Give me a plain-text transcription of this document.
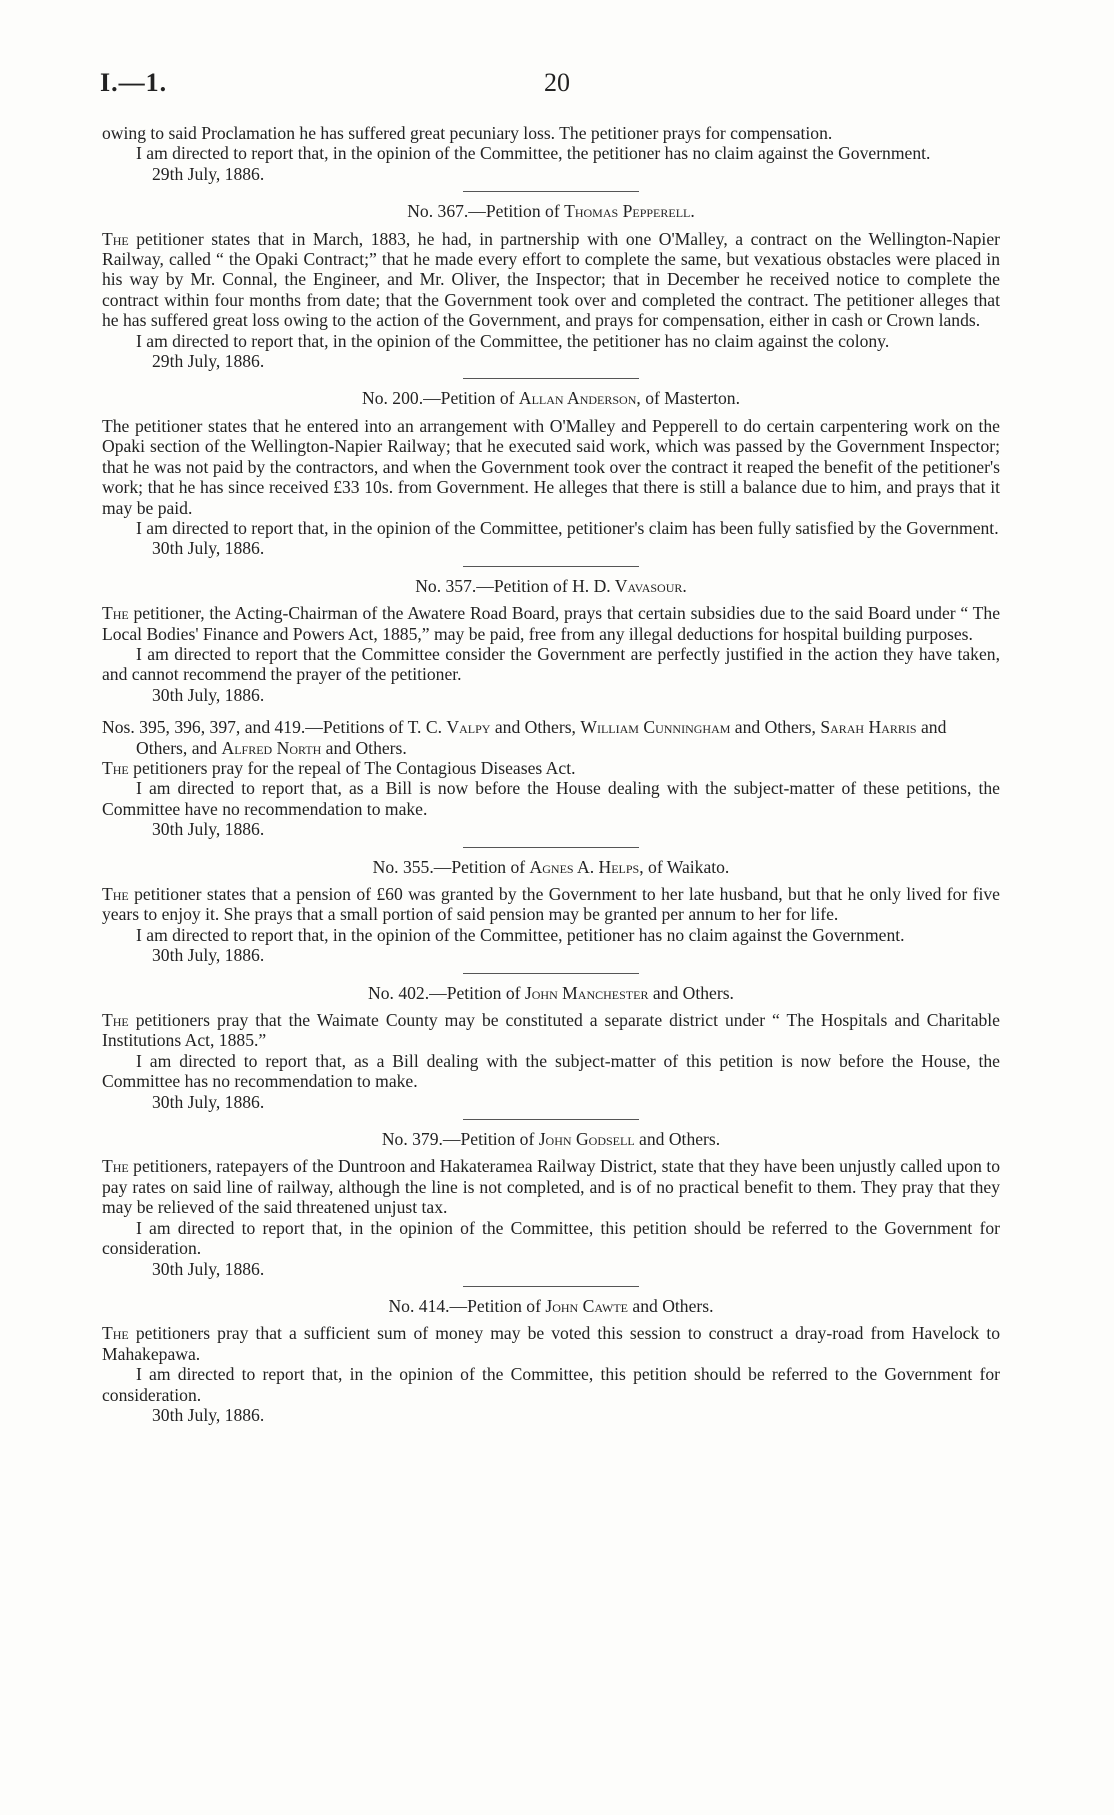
I.—1.	20

owing to said Proclamation he has suffered great pecuniary loss. The petitioner prays for compensation.

I am directed to report that, in the opinion of the Committee, the petitioner has no claim against the Government.

29th July, 1886.

No. 367.—Petition of Thomas Pepperell.

The petitioner states that in March, 1883, he had, in partnership with one O'Malley, a contract on the Wellington-Napier Railway, called “ the Opaki Contract;” that he made every effort to complete the same, but vexatious obstacles were placed in his way by Mr. Connal, the Engineer, and Mr. Oliver, the Inspector; that in December he received notice to complete the contract within four months from date; that the Government took over and completed the contract. The petitioner alleges that he has suffered great loss owing to the action of the Government, and prays for compensation, either in cash or Crown lands.

I am directed to report that, in the opinion of the Committee, the petitioner has no claim against the colony.

29th July, 1886.

No. 200.—Petition of Allan Anderson, of Masterton.

The petitioner states that he entered into an arrangement with O'Malley and Pepperell to do certain carpentering work on the Opaki section of the Wellington-Napier Railway; that he executed said work, which was passed by the Government Inspector; that he was not paid by the contractors, and when the Government took over the contract it reaped the benefit of the petitioner's work; that he has since received £33 10s. from Government. He alleges that there is still a balance due to him, and prays that it may be paid.

I am directed to report that, in the opinion of the Committee, petitioner's claim has been fully satisfied by the Government.

30th July, 1886.

No. 357.—Petition of H. D. Vavasour.

The petitioner, the Acting-Chairman of the Awatere Road Board, prays that certain subsidies due to the said Board under “ The Local Bodies' Finance and Powers Act, 1885,” may be paid, free from any illegal deductions for hospital building purposes.

I am directed to report that the Committee consider the Government are perfectly justified in the action they have taken, and cannot recommend the prayer of the petitioner.

30th July, 1886.

Nos. 395, 396, 397, and 419.—Petitions of T. C. Valpy and Others, William Cunningham and Others, Sarah Harris and Others, and Alfred North and Others.

The petitioners pray for the repeal of The Contagious Diseases Act.

I am directed to report that, as a Bill is now before the House dealing with the subject-matter of these petitions, the Committee have no recommendation to make.

30th July, 1886.

No. 355.—Petition of Agnes A. Helps, of Waikato.

The petitioner states that a pension of £60 was granted by the Government to her late husband, but that he only lived for five years to enjoy it. She prays that a small portion of said pension may be granted per annum to her for life.

I am directed to report that, in the opinion of the Committee, petitioner has no claim against the Government.

30th July, 1886.

No. 402.—Petition of John Manchester and Others.

The petitioners pray that the Waimate County may be constituted a separate district under “ The Hospitals and Charitable Institutions Act, 1885.”

I am directed to report that, as a Bill dealing with the subject-matter of this petition is now before the House, the Committee has no recommendation to make.

30th July, 1886.

No. 379.—Petition of John Godsell and Others.

The petitioners, ratepayers of the Duntroon and Hakateramea Railway District, state that they have been unjustly called upon to pay rates on said line of railway, although the line is not completed, and is of no practical benefit to them. They pray that they may be relieved of the said threatened unjust tax.

I am directed to report that, in the opinion of the Committee, this petition should be referred to the Government for consideration.

30th July, 1886.

No. 414.—Petition of John Cawte and Others.

The petitioners pray that a sufficient sum of money may be voted this session to construct a dray-road from Havelock to Mahakepawa.

I am directed to report that, in the opinion of the Committee, this petition should be referred to the Government for consideration.

30th July, 1886.
